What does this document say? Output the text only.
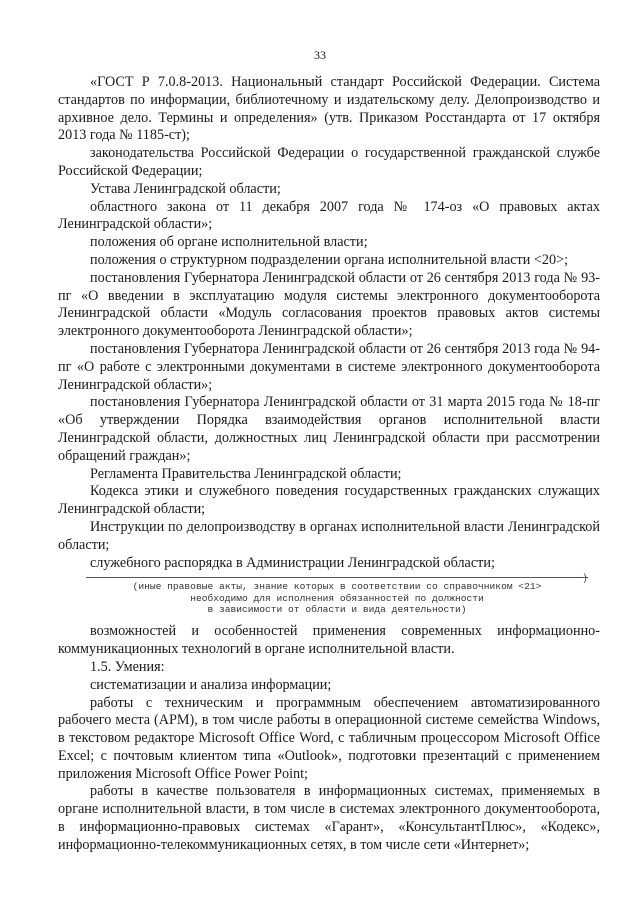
33

«ГОСТ Р 7.0.8-2013. Национальный стандарт Российской Федерации. Система стандартов по информации, библиотечному и издательскому делу. Делопроизводство и архивное дело. Термины и определения» (утв. Приказом Росстандарта от 17 октября 2013 года № 1185-ст);

законодательства Российской Федерации о государственной гражданской службе Российской Федерации;

Устава Ленинградской области;

областного закона от 11 декабря 2007 года № 174-оз «О правовых актах Ленинградской области»;

положения об органе исполнительной власти;

положения о структурном подразделении органа исполнительной власти <20>;

постановления Губернатора Ленинградской области от 26 сентября 2013 года № 93-пг «О введении в эксплуатацию модуля системы электронного документооборота Ленинградской области «Модуль согласования проектов правовых актов системы электронного документооборота Ленинградской области»;

постановления Губернатора Ленинградской области от 26 сентября 2013 года № 94-пг «О работе с электронными документами в системе электронного документооборота Ленинградской области»;

постановления Губернатора Ленинградской области от 31 марта 2015 года № 18-пг «Об утверждении Порядка взаимодействия органов исполнительной власти Ленинградской области, должностных лиц Ленинградской области при рассмотрении обращений граждан»;

Регламента Правительства Ленинградской области;

Кодекса этики и служебного поведения государственных гражданских служащих Ленинградской области;

Инструкции по делопроизводству в органах исполнительной власти Ленинградской области;

служебного распорядка в Администрации Ленинградской области;

)
(иные правовые акты, знание которых в соответствии со справочником <21>
необходимо для исполнения обязанностей по должности
в зависимости от области и вида деятельности)

возможностей и особенностей применения современных информационно-коммуникационных технологий в органе исполнительной власти.

1.5. Умения:

систематизации и анализа информации;

работы с техническим и программным обеспечением автоматизированного рабочего места (АРМ), в том числе работы в операционной системе семейства Windows, в текстовом редакторе Microsoft Office Word, с табличным процессором Microsoft Office Excel; с почтовым клиентом типа «Outlook», подготовки презентаций с применением приложения Microsoft Office Power Point;

работы в качестве пользователя в информационных системах, применяемых в органе исполнительной власти, в том числе в системах электронного документооборота, в информационно-правовых системах «Гарант», «КонсультантПлюс», «Кодекс», информационно-телекоммуникационных сетях, в том числе сети «Интернет»;
